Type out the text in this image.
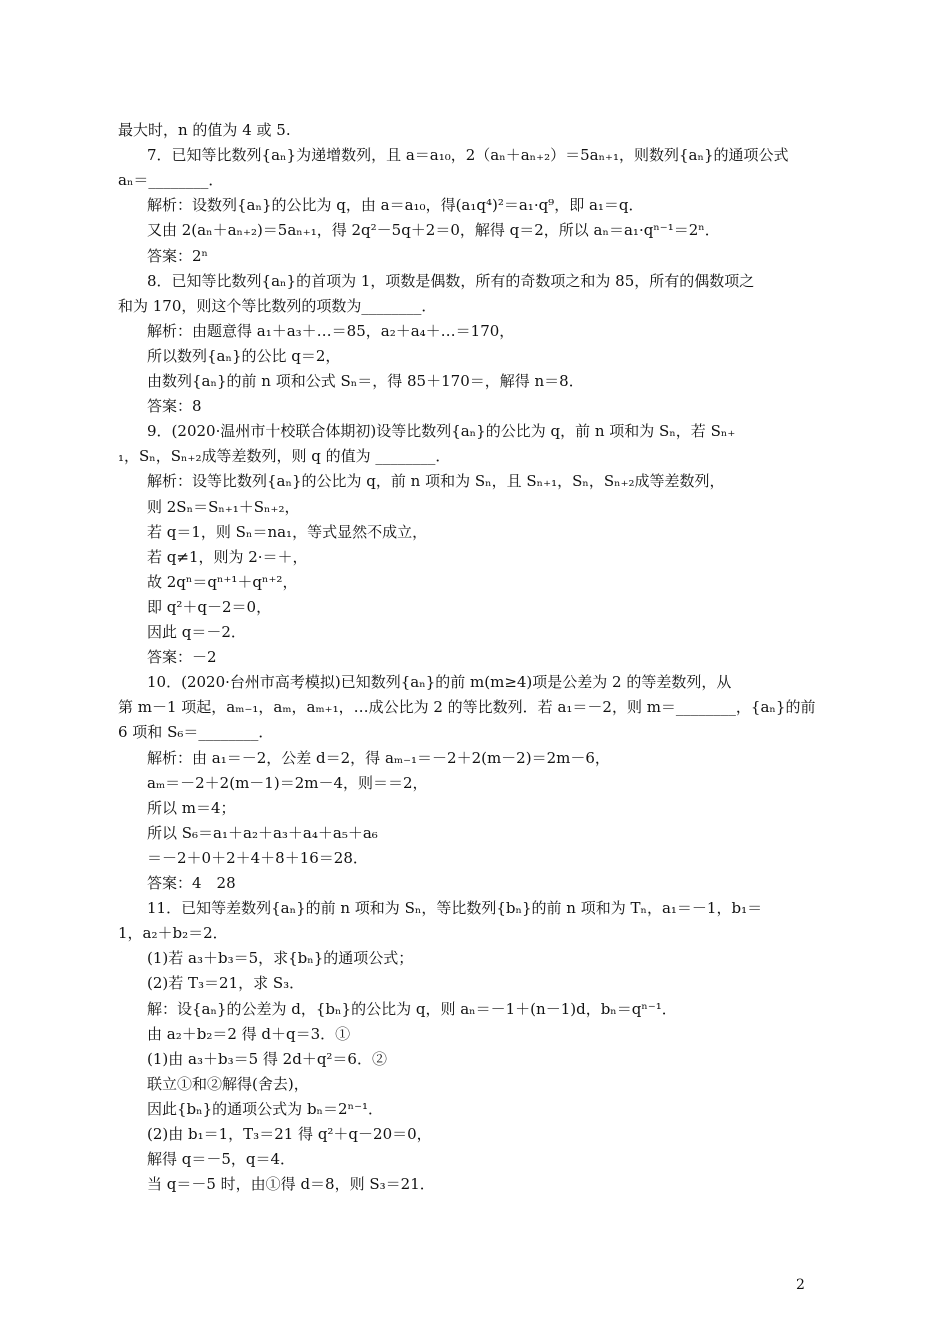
最大时，n 的值为 4 或 5.
7．已知等比数列{aₙ}为递增数列，且 a＝a₁₀，2（aₙ＋aₙ₊₂）＝5aₙ₊₁，则数列{aₙ}的通项公式
aₙ＝________．
解析：设数列{aₙ}的公比为 q，由 a＝a₁₀，得(a₁q⁴)²＝a₁·q⁹，即 a₁＝q．
又由 2(aₙ＋aₙ₊₂)＝5aₙ₊₁，得 2q²－5q＋2＝0，解得 q＝2，所以 aₙ＝a₁·qⁿ⁻¹＝2ⁿ．
答案：2ⁿ
8．已知等比数列{aₙ}的首项为 1，项数是偶数，所有的奇数项之和为 85，所有的偶数项之
和为 170，则这个等比数列的项数为________．
解析：由题意得 a₁＋a₃＋…＝85，a₂＋a₄＋…＝170，
所以数列{aₙ}的公比 q＝2，
由数列{aₙ}的前 n 项和公式 Sₙ＝，得 85＋170＝，解得 n＝8．
答案：8
9．(2020·温州市十校联合体期初)设等比数列{aₙ}的公比为 q，前 n 项和为 Sₙ，若 Sₙ₊
₁，Sₙ，Sₙ₊₂成等差数列，则 q 的值为 ________．
解析：设等比数列{aₙ}的公比为 q，前 n 项和为 Sₙ，且 Sₙ₊₁，Sₙ，Sₙ₊₂成等差数列，
则 2Sₙ＝Sₙ₊₁＋Sₙ₊₂，
若 q＝1，则 Sₙ＝na₁，等式显然不成立，
若 q≠1，则为 2·＝＋，
故 2qⁿ＝qⁿ⁺¹＋qⁿ⁺²，
即 q²＋q－2＝0，
因此 q＝－2．
答案：－2
10．(2020·台州市高考模拟)已知数列{aₙ}的前 m(m≥4)项是公差为 2 的等差数列，从
第 m－1 项起，aₘ₋₁，aₘ，aₘ₊₁，…成公比为 2 的等比数列．若 a₁＝－2，则 m＝________，{aₙ}的前
6 项和 S₆＝________．
解析：由 a₁＝－2，公差 d＝2，得 aₘ₋₁＝－2＋2(m－2)＝2m－6，
aₘ＝－2＋2(m－1)＝2m－4，则＝＝2，
所以 m＝4；
所以 S₆＝a₁＋a₂＋a₃＋a₄＋a₅＋a₆
＝－2＋0＋2＋4＋8＋16＝28．
答案：4　28
11．已知等差数列{aₙ}的前 n 项和为 Sₙ，等比数列{bₙ}的前 n 项和为 Tₙ，a₁＝－1，b₁＝
1，a₂＋b₂＝2．
(1)若 a₃＋b₃＝5，求{bₙ}的通项公式；
(2)若 T₃＝21，求 S₃．
解：设{aₙ}的公差为 d，{bₙ}的公比为 q，则 aₙ＝－1＋(n－1)d，bₙ＝qⁿ⁻¹．
由 a₂＋b₂＝2 得 d＋q＝3．①
(1)由 a₃＋b₃＝5 得 2d＋q²＝6．②
联立①和②解得(舍去)，
因此{bₙ}的通项公式为 bₙ＝2ⁿ⁻¹．
(2)由 b₁＝1，T₃＝21 得 q²＋q－20＝0，
解得 q＝－5，q＝4．
当 q＝－5 时，由①得 d＝8，则 S₃＝21．
2
